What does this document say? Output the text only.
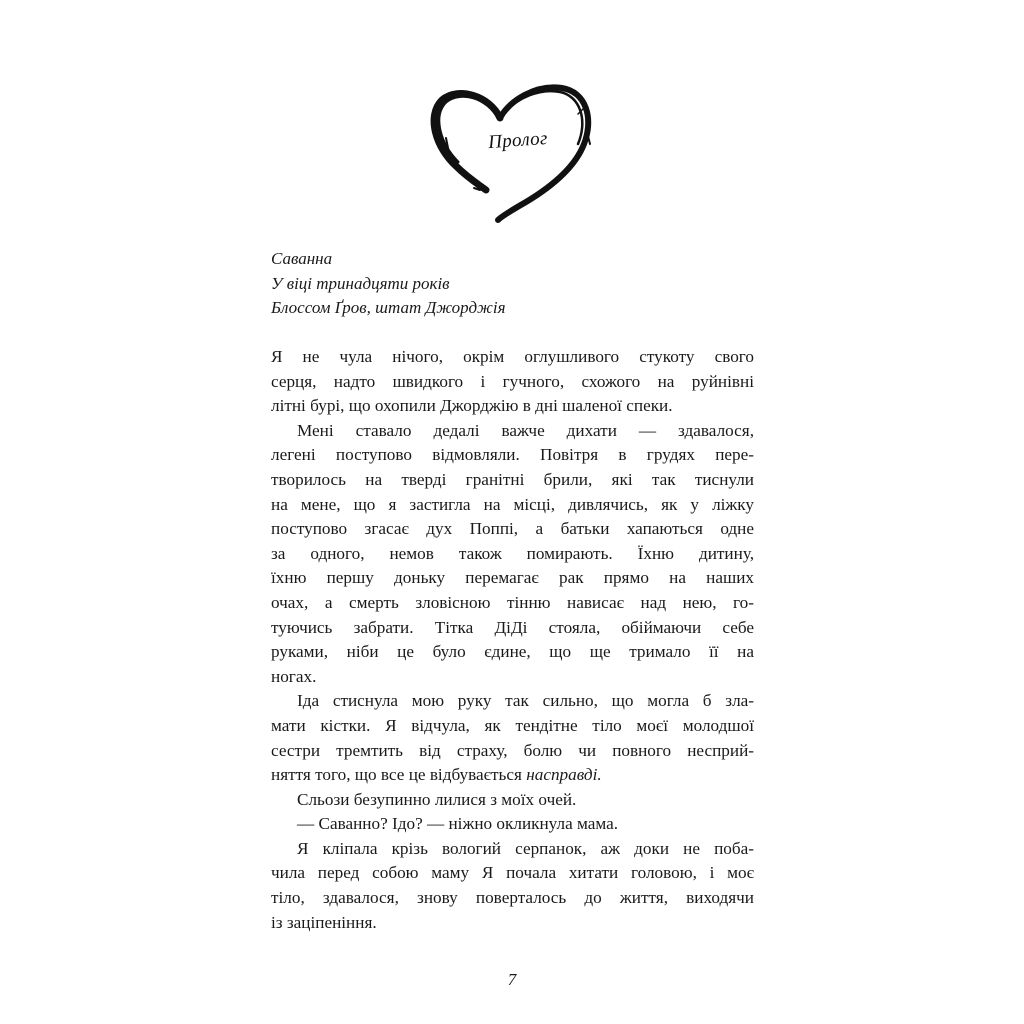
Пролог
Саванна
У віці тринадцяти років
Блоссом Ґров, штат Джорджія
Я не чула нічого, окрім оглушливого стукоту свого
серця, надто швидкого і гучного, схожого на руйнівні
літні бурі, що охопили Джорджію в дні шаленої спеки.
Мені ставало дедалі важче дихати — здавалося,
легені поступово відмовляли. Повітря в грудях пере-
творилось на тверді гранітні брили, які так тиснули
на мене, що я застигла на місці, дивлячись, як у ліжку
поступово згасає дух Поппі, а батьки хапаються одне
за одного, немов також помирають. Їхню дитину,
їхню першу доньку перемагає рак прямо на наших
очах, а смерть зловісною тінню нависає над нею, го-
туючись забрати. Тітка ДіДі стояла, обіймаючи себе
руками, ніби це було єдине, що ще тримало її на
ногах.
Іда стиснула мою руку так сильно, що могла б зла-
мати кістки. Я відчула, як тендітне тіло моєї молодшої
сестри тремтить від страху, болю чи повного несприй-
няття того, що все це відбувається насправді.
Сльози безупинно лилися з моїх очей.
— Саванно? Ідо? — ніжно окликнула мама.
Я кліпала крізь вологий серпанок, аж доки не поба-
чила перед собою маму Я почала хитати головою, і моє
тіло, здавалося, знову поверталось до життя, виходячи
із заціпеніння.
7
